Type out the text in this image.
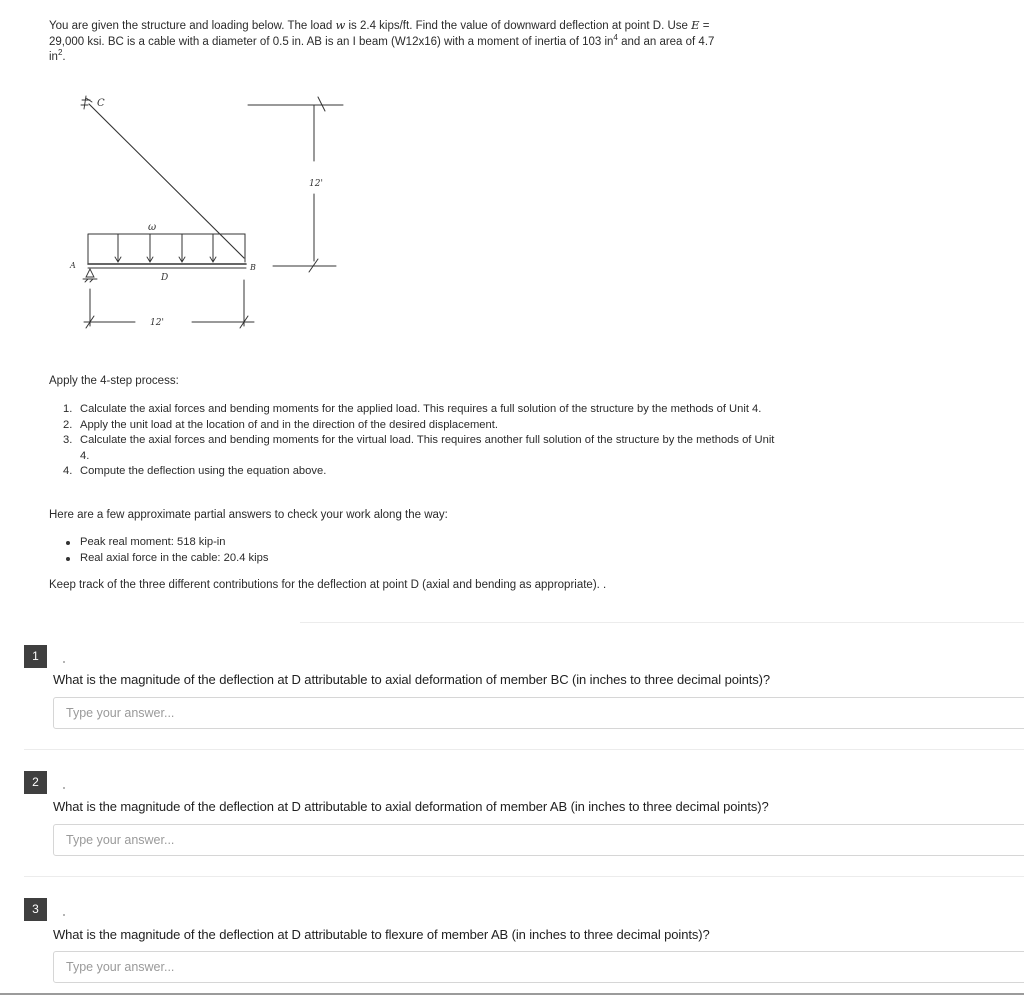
You are given the structure and loading below. The load w is 2.4 kips/ft. Find the value of downward deflection at point D. Use E =

29,000 ksi. BC is a cable with a diameter of 0.5 in. AB is an I beam (W12x16) with a moment of inertia of 103 $in^4$ and an area of 4.7

$in^2$.

C
ω
A
D
B
12'
12'
Apply the 4-step process:
1. Calculate the axial forces and bending moments for the applied load. This requires a full solution of the structure by the methods of Unit 4.
2. Apply the unit load at the location of and in the direction of the desired displacement.
3. Calculate the axial forces and bending moments for the virtual load. This requires another full solution of the structure by the methods of Unit 4.
4. Compute the deflection using the equation above.
Here are a few approximate partial answers to check your work along the way:
Peak real moment: 518 kip-in
Real axial force in the cable: 20.4 kips
Keep track of the three different contributions for the deflection at point D (axial and bending as appropriate). .
1
What is the magnitude of the deflection at D attributable to axial deformation of member BC (in inches to three decimal points)?
Type your answer...
2
What is the magnitude of the deflection at D attributable to axial deformation of member AB (in inches to three decimal points)?
Type your answer...
3
What is the magnitude of the deflection at D attributable to flexure of member AB (in inches to three decimal points)?
Type your answer...
